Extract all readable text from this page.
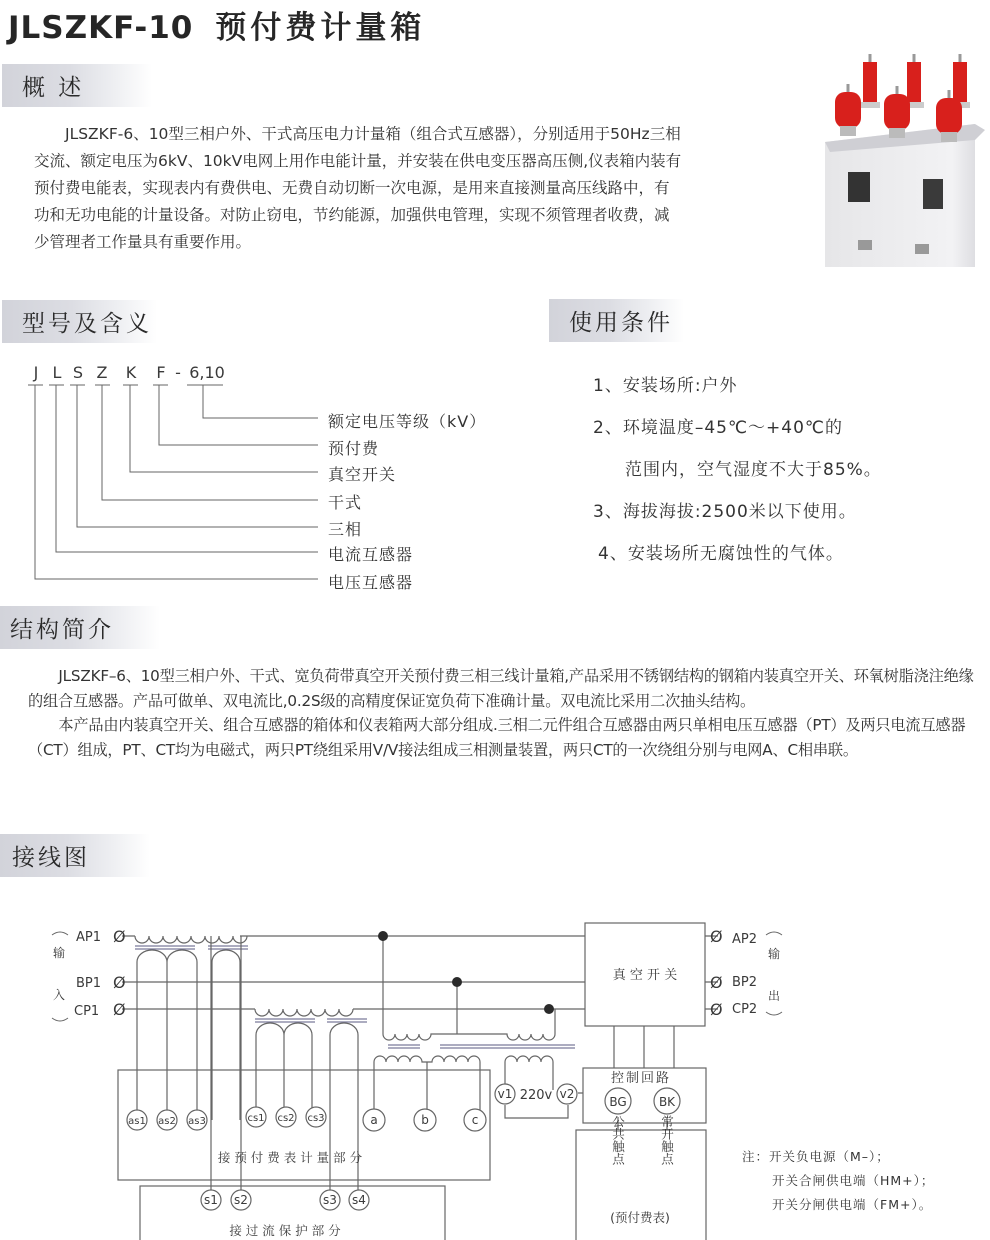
JLSZKF-10 预付费计量箱
概 述

JLSZKF-6、10型三相户外、干式高压电力计量箱（组合式互感器），分别适用于50Hz三相交流、额定电压为6kV、10kV电网上用作电能计量，并安装在供电变压器高压侧,仪表箱内装有预付费电能表，实现表内有费供电、无费自动切断一次电源，是用来直接测量高压线路中，有功和无功电能的计量设备。对防止窃电，节约能源，加强供电管理，实现不须管理者收费，减少管理者工作量具有重要作用。

型号及含义
J L S Z K F - 6,10
额定电压等级（kV）
预付费
真空开关
干式
三相
电流互感器
电压互感器
使用条件
1、安装场所:户外
2、环境温度–45℃～+40℃的
范围内，空气湿度不大于85%。
3、海拔海拔:2500米以下使用。
4、安装场所无腐蚀性的气体。
结构简介

JLSZKF–6、10型三相户外、干式、宽负荷带真空开关预付费三相三线计量箱,产品采用不锈钢结构的钢箱内装真空开关、环氧树脂浇注绝缘的组合互感器。产品可做单、双电流比,0.2S级的高精度保证宽负荷下准确计量。双电流比采用二次抽头结构。

本产品由内装真空开关、组合互感器的箱体和仪表箱两大部分组成.三相二元件组合互感器由两只单相电压互感器（PT）及两只电流互感器（CT）组成，PT、CT均为电磁式，两只PT绕组采用V/V接法组成三相测量装置，两只CT的一次绕组分别与电网A、C相串联。

接线图
Ø
Ø
Ø
Ø
Ø
Ø
AP1
BP1
CP1
AP2
BP2
CP2
输
入
输
出
真 空 开 关
控制回路
as1 as2 as3	cs1 cs2 cs3	a	b	c
s1 s2	s3 s4
v1	v2
BG	BK
220v
接 预 付 费 表 计 量 部 分
接 过 流 保 护 部 分
(预付费表)
公共触点	常开触点	注：开关负电源（M–）；
开关合闸供电端（HM+）；
开关分闸供电端（FM+）。
